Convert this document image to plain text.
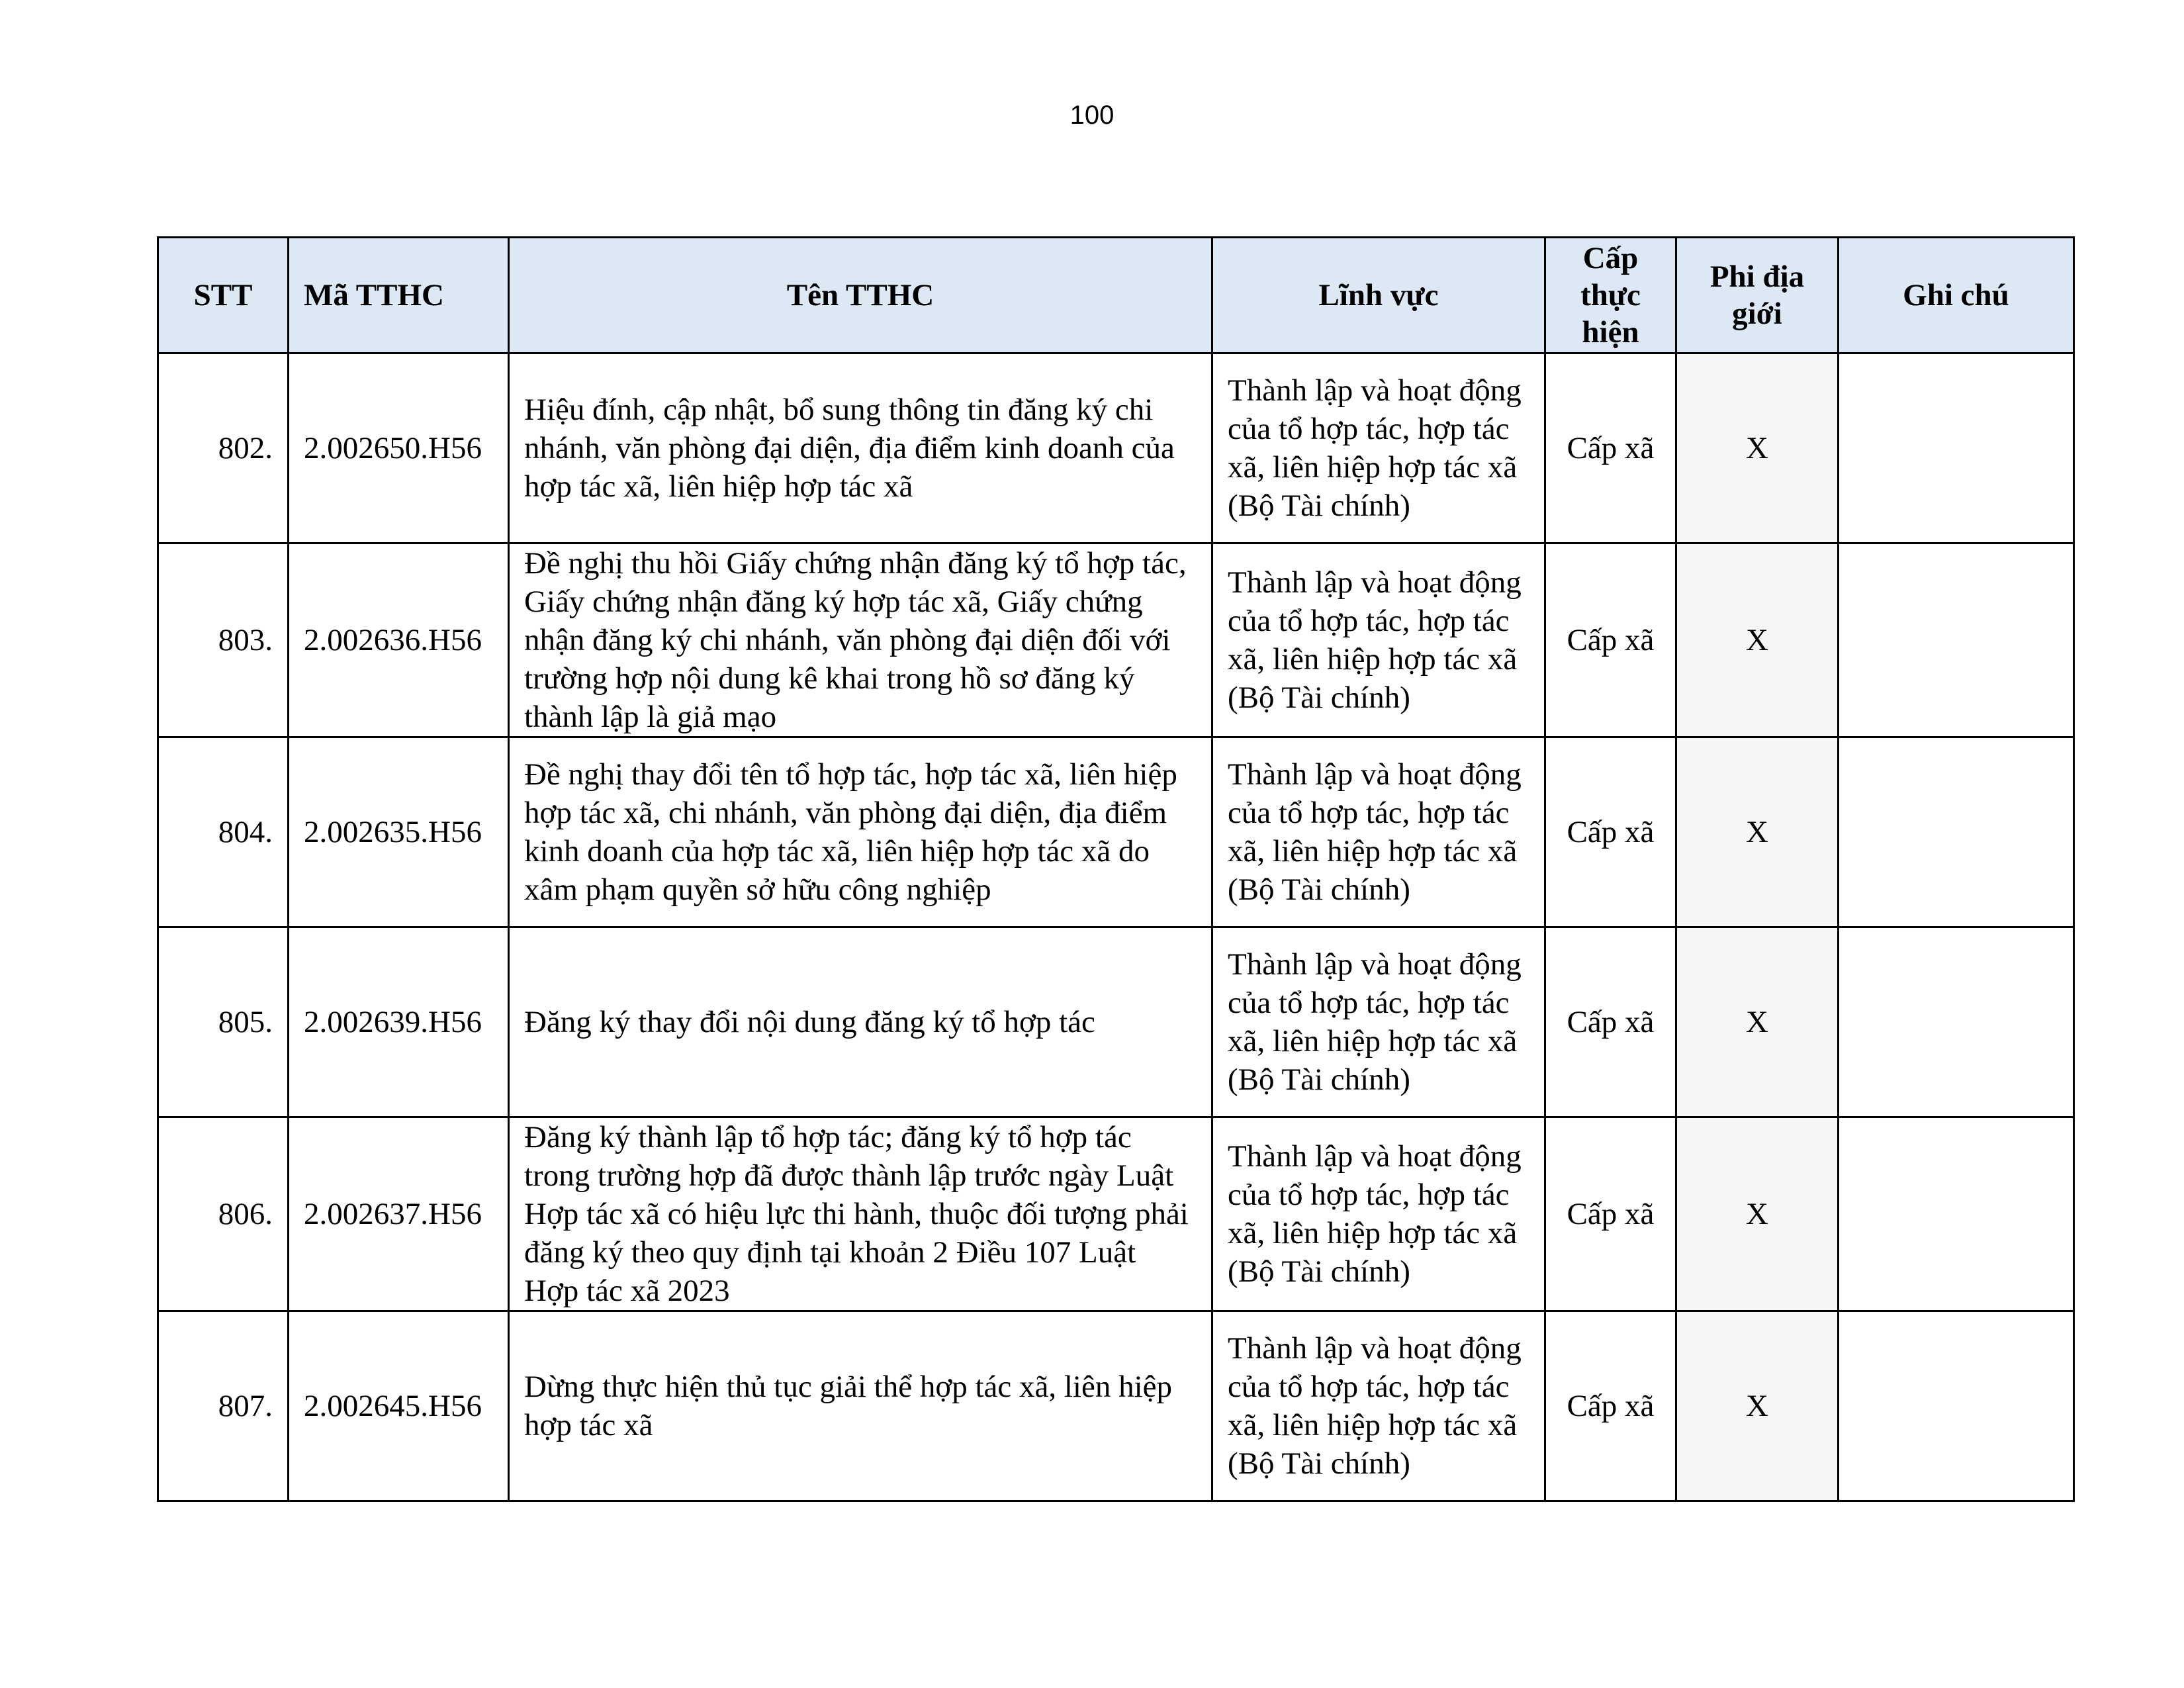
100
STT	Mã TTHC	Tên TTHC	Lĩnh vực	Cấp thực hiện	Phi địa giới	Ghi chú
802.	2.002650.H56	Hiệu đính, cập nhật, bổ sung thông tin đăng ký chi nhánh, văn phòng đại diện, địa điểm kinh doanh của hợp tác xã, liên hiệp hợp tác xã	Thành lập và hoạt động của tổ hợp tác, hợp tác xã, liên hiệp hợp tác xã (Bộ Tài chính)	Cấp xã	X	
803.	2.002636.H56	Đề nghị thu hồi Giấy chứng nhận đăng ký tổ hợp tác, Giấy chứng nhận đăng ký hợp tác xã, Giấy chứng nhận đăng ký chi nhánh, văn phòng đại diện đối với trường hợp nội dung kê khai trong hồ sơ đăng ký thành lập là giả mạo	Thành lập và hoạt động của tổ hợp tác, hợp tác xã, liên hiệp hợp tác xã (Bộ Tài chính)	Cấp xã	X	
804.	2.002635.H56	Đề nghị thay đổi tên tổ hợp tác, hợp tác xã, liên hiệp hợp tác xã, chi nhánh, văn phòng đại diện, địa điểm kinh doanh của hợp tác xã, liên hiệp hợp tác xã do xâm phạm quyền sở hữu công nghiệp	Thành lập và hoạt động của tổ hợp tác, hợp tác xã, liên hiệp hợp tác xã (Bộ Tài chính)	Cấp xã	X	
805.	2.002639.H56	Đăng ký thay đổi nội dung đăng ký tổ hợp tác	Thành lập và hoạt động của tổ hợp tác, hợp tác xã, liên hiệp hợp tác xã (Bộ Tài chính)	Cấp xã	X	
806.	2.002637.H56	Đăng ký thành lập tổ hợp tác; đăng ký tổ hợp tác trong trường hợp đã được thành lập trước ngày Luật Hợp tác xã có hiệu lực thi hành, thuộc đối tượng phải đăng ký theo quy định tại khoản 2 Điều 107 Luật Hợp tác xã 2023	Thành lập và hoạt động của tổ hợp tác, hợp tác xã, liên hiệp hợp tác xã (Bộ Tài chính)	Cấp xã	X	
807.	2.002645.H56	Dừng thực hiện thủ tục giải thể hợp tác xã, liên hiệp hợp tác xã	Thành lập và hoạt động của tổ hợp tác, hợp tác xã, liên hiệp hợp tác xã (Bộ Tài chính)	Cấp xã	X	
